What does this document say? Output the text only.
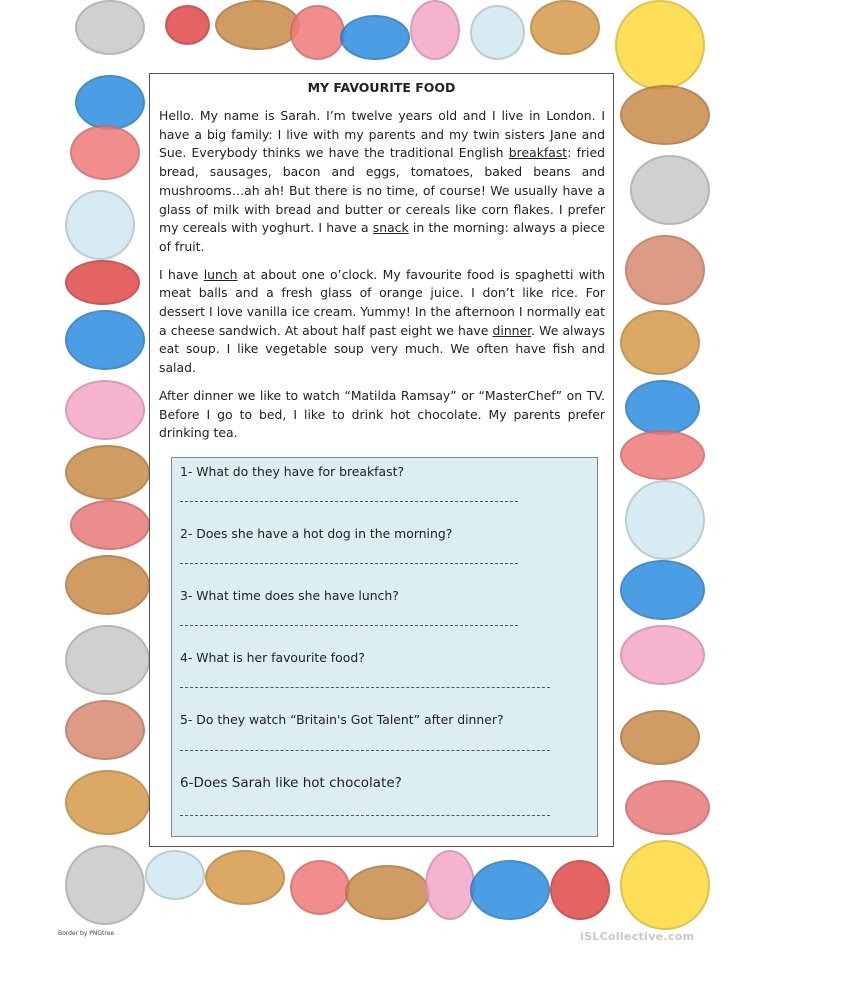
MY FAVOURITE FOOD

Hello. My name is Sarah. I’m twelve years old and I live in London. I have a big family: I live with my parents and my twin sisters Jane and Sue. Everybody thinks we have the traditional English breakfast: fried bread, sausages, bacon and eggs, tomatoes, baked beans and mushrooms…ah ah! But there is no time, of course! We usually have a glass of milk with bread and butter or cereals like corn flakes. I prefer my cereals with yoghurt. I have a snack in the morning: always a piece of fruit.

I have lunch at about one o’clock. My favourite food is spaghetti with meat balls and a fresh glass of orange juice. I don’t like rice. For dessert I love vanilla ice cream. Yummy! In the afternoon I normally eat a cheese sandwich. At about half past eight we have dinner. We always eat soup. I like vegetable soup very much. We often have fish and salad.

After dinner we like to watch “Matilda Ramsay” or “MasterChef” on TV. Before I go to bed, I like to drink hot chocolate. My parents prefer drinking tea.

1- What do they have for breakfast?
2- Does she have a hot dog in the morning?
3- What time does she have lunch?
4- What is her favourite food?
5- Do they watch “Britain's Got Talent” after dinner?
6-Does Sarah like hot chocolate?
Border by PNGtree	iSLCollective.com
